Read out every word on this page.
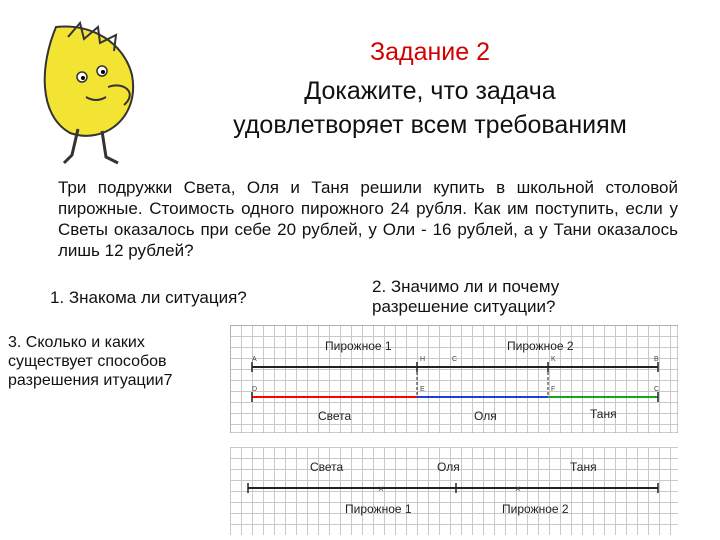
Задание 2
Докажите, что задача
удовлетворяет всем требованиям
Три подружки Света, Оля и Таня решили купить в школьной столовой пирожные. Стоимость одного пирожного 24 рубля. Как им поступить, если у Светы оказалось при себе 20 рублей, у Оли - 16 рублей, а у Тани оказалось лишь 12 рублей?
1. Знакома ли ситуация?
2. Значимо ли и почему разрешение ситуации?
3. Сколько и каких существует способов разрешения итуации7
A	H	C	K	B
D	E	F	C
Пирожное 1	Пирожное 2
Света	Оля	Таня
×	×
Света	Оля	Таня
Пирожное 1	Пирожное 2
